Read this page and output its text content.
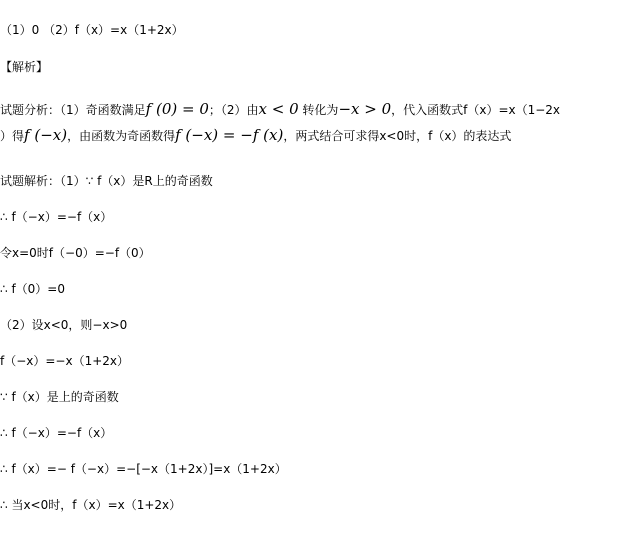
（1）0 （2）f（x）=x（1+2x）
【解析】
试题分析：（1）奇函数满足f (0) = 0；（2）由x < 0 转化为−x > 0，代入函数式f（x）=x（1−2x
）得f (−x)，由函数为奇函数得f (−x) = −f (x)，两式结合可求得x<0时，f（x）的表达式
试题解析：（1）∵ f（x）是R上的奇函数
∴ f（−x）=−f（x）
令x=0时f（−0）=−f（0）
∴ f（0）=0
（2）设x<0，则−x>0
f（−x）=−x（1+2x）
∵ f（x）是上的奇函数
∴ f（−x）=−f（x）
∴ f（x）=− f（−x）=−[−x（1+2x）]=x（1+2x）
∴ 当x<0时，f（x）=x（1+2x）
